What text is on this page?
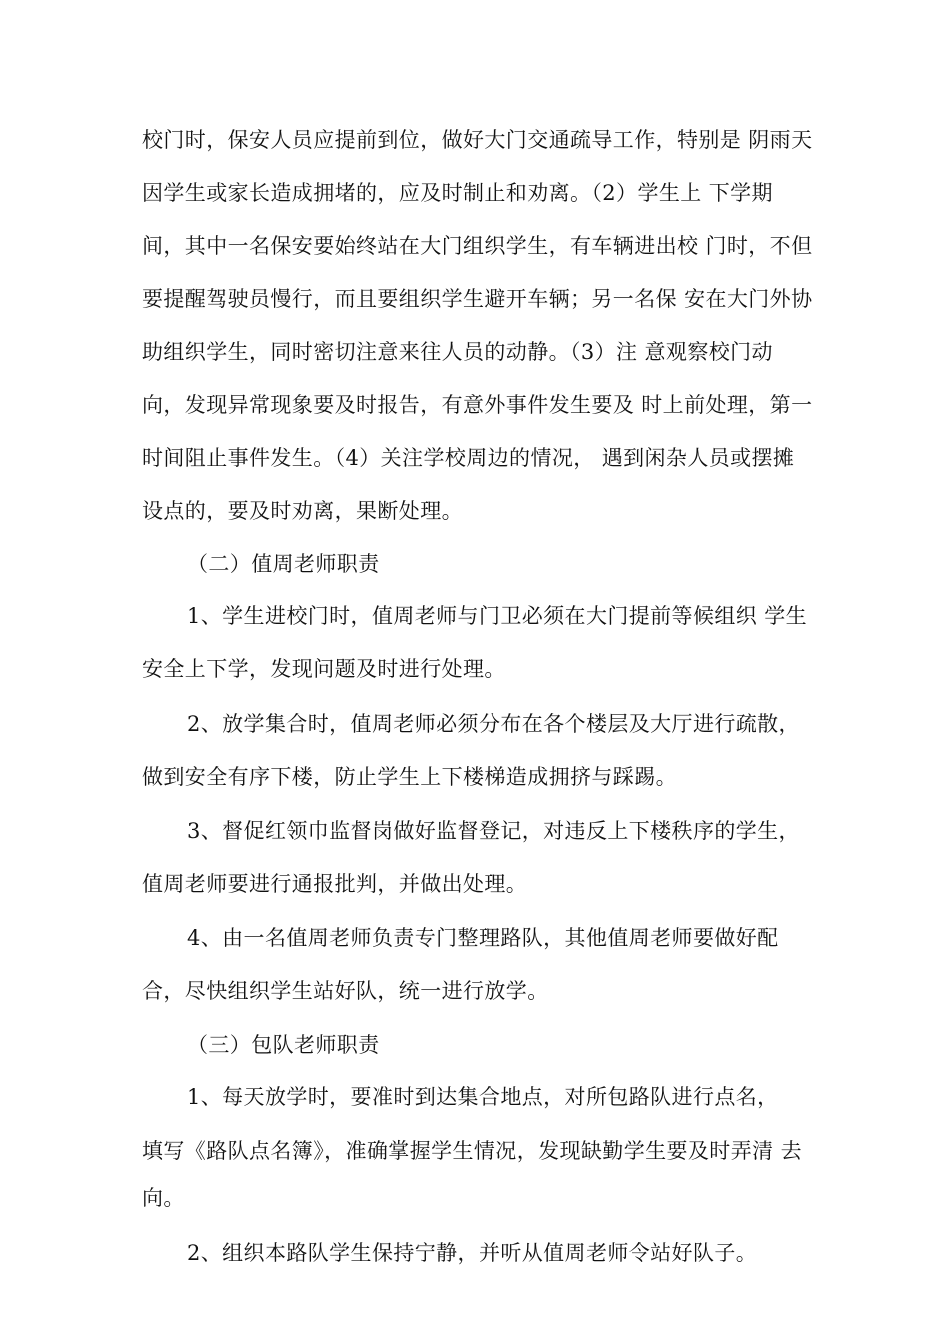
校门时，保安人员应提前到位，做好大门交通疏导工作，特别是 阴雨天
因学生或家长造成拥堵的，应及时制止和劝离。（2）学生上 下学期
间，其中一名保安要始终站在大门组织学生，有车辆进出校 门时，不但
要提醒驾驶员慢行，而且要组织学生避开车辆；另一名保 安在大门外协
助组织学生，同时密切注意来往人员的动静。（3）注 意观察校门动
向，发现异常现象要及时报告，有意外事件发生要及 时上前处理，第一
时间阻止事件发生。（4）关注学校周边的情况， 遇到闲杂人员或摆摊
设点的，要及时劝离，果断处理。
（二）值周老师职责
1、学生进校门时，值周老师与门卫必须在大门提前等候组织 学生
安全上下学，发现问题及时进行处理。
2、放学集合时，值周老师必须分布在各个楼层及大厅进行疏散，
做到安全有序下楼，防止学生上下楼梯造成拥挤与踩踢。
3、督促红领巾监督岗做好监督登记，对违反上下楼秩序的学生，
值周老师要进行通报批判，并做出处理。
4、由一名值周老师负责专门整理路队，其他值周老师要做好配
合，尽快组织学生站好队，统一进行放学。
（三）包队老师职责
1、每天放学时，要准时到达集合地点，对所包路队进行点名，
填写《路队点名簿》，准确掌握学生情况，发现缺勤学生要及时弄清 去
向。
2、组织本路队学生保持宁静，并听从值周老师令站好队子。
